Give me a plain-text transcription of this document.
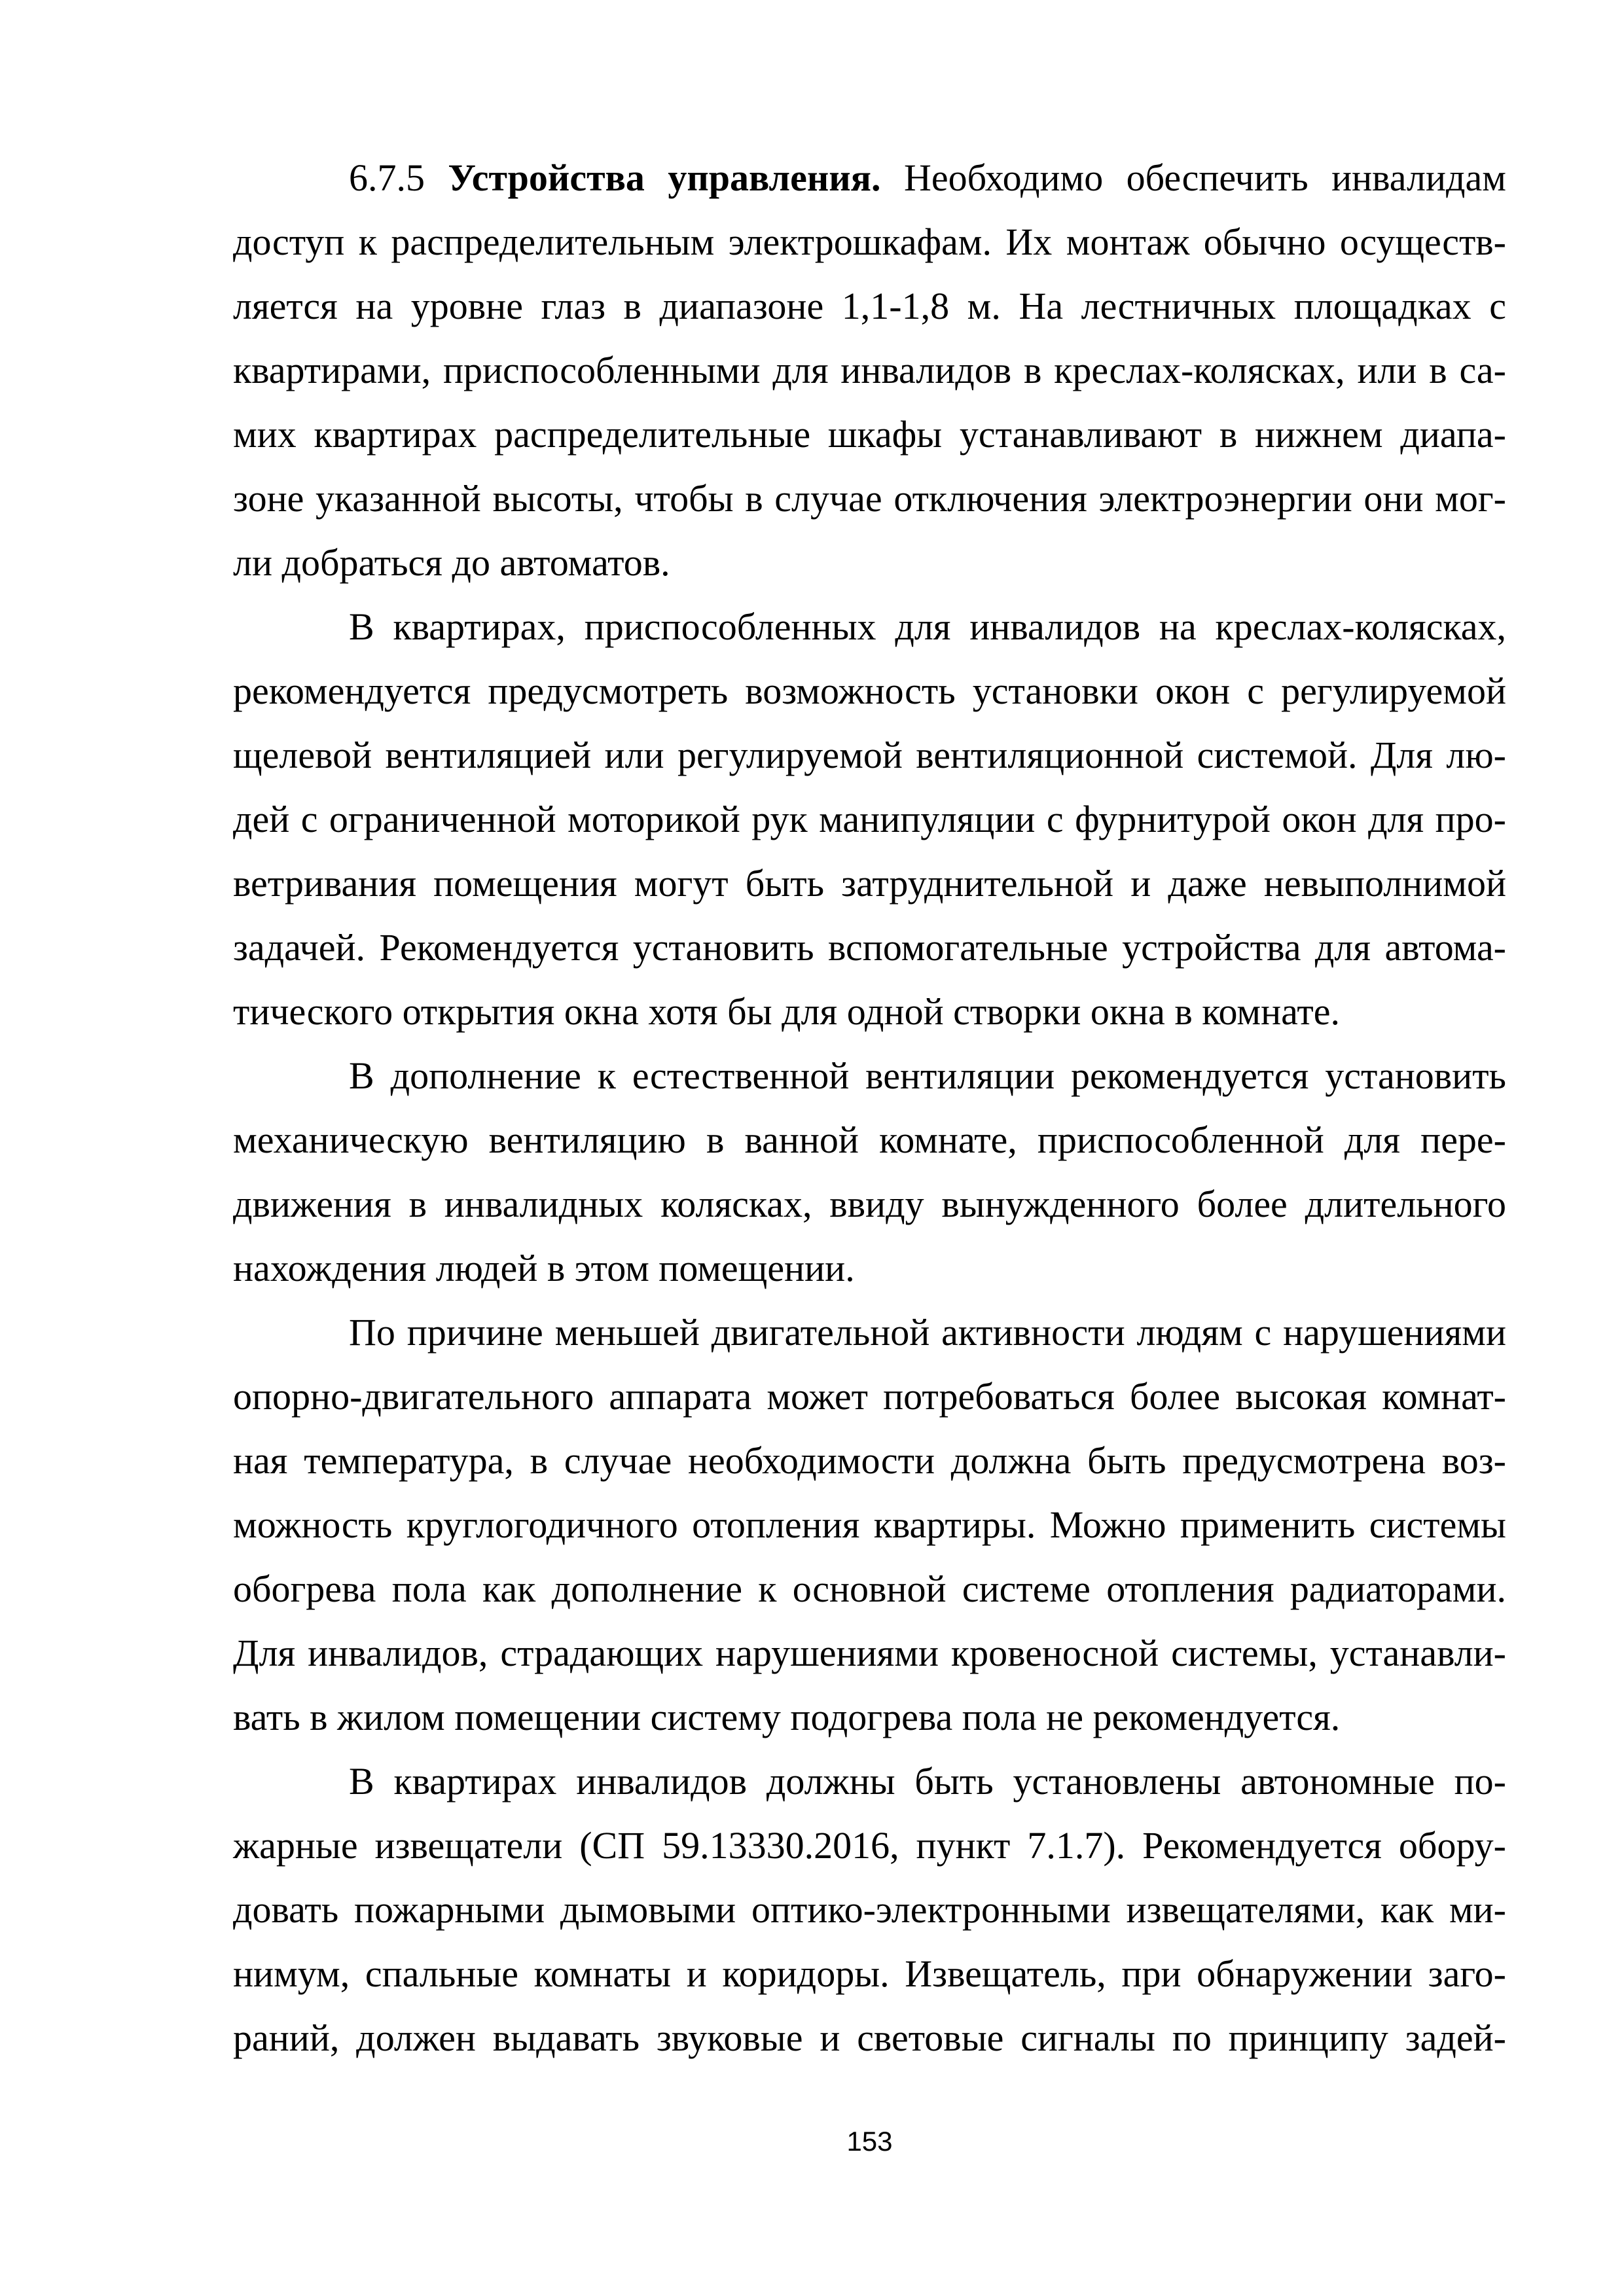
6.7.5 Устройства управления. Необходимо обеспечить инвалидам
доступ к распределительным электрошкафам. Их монтаж обычно осуществ-
ляется на уровне глаз в диапазоне 1,1-1,8 м. На лестничных площадках с
квартирами, приспособленными для инвалидов в креслах-колясках, или в са-
мих квартирах распределительные шкафы устанавливают в нижнем диапа-
зоне указанной высоты, чтобы в случае отключения электроэнергии они мог-
ли добраться до автоматов.
В квартирах, приспособленных для инвалидов на креслах-колясках,
рекомендуется предусмотреть возможность установки окон с регулируемой
щелевой вентиляцией или регулируемой вентиляционной системой. Для лю-
дей с ограниченной моторикой рук манипуляции с фурнитурой окон для про-
ветривания помещения могут быть затруднительной и даже невыполнимой
задачей. Рекомендуется установить вспомогательные устройства для автома-
тического открытия окна хотя бы для одной створки окна в комнате.
В дополнение к естественной вентиляции рекомендуется установить
механическую вентиляцию в ванной комнате, приспособленной для пере-
движения в инвалидных колясках, ввиду вынужденного более длительного
нахождения людей в этом помещении.
По причине меньшей двигательной активности людям с нарушениями
опорно-двигательного аппарата может потребоваться более высокая комнат-
ная температура, в случае необходимости должна быть предусмотрена воз-
можность круглогодичного отопления квартиры. Можно применить системы
обогрева пола как дополнение к основной системе отопления радиаторами.
Для инвалидов, страдающих нарушениями кровеносной системы, устанавли-
вать в жилом помещении систему подогрева пола не рекомендуется.
В квартирах инвалидов должны быть установлены автономные по-
жарные извещатели (СП 59.13330.2016, пункт 7.1.7). Рекомендуется обору-
довать пожарными дымовыми оптико-электронными извещателями, как ми-
нимум, спальные комнаты и коридоры. Извещатель, при обнаружении заго-
раний, должен выдавать звуковые и световые сигналы по принципу задей-
153
